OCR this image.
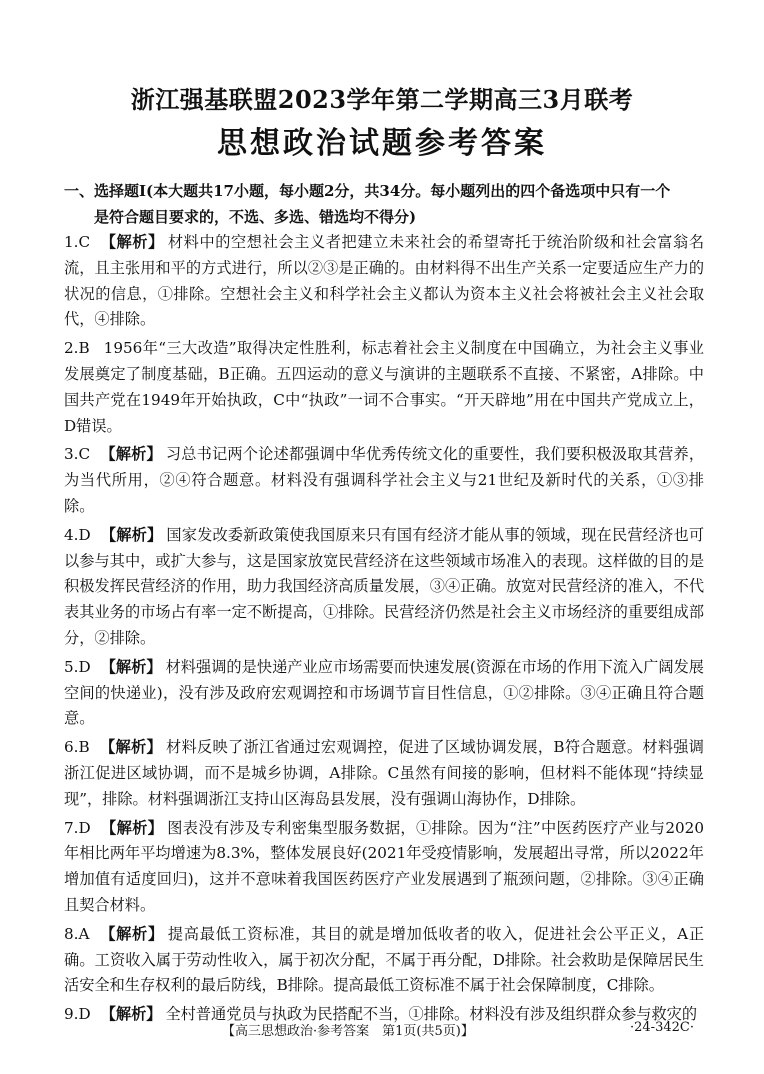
浙江强基联盟2023学年第二学期高三3月联考
思想政治试题参考答案
一、选择题Ⅰ(本大题共17小题，每小题2分，共34分。每小题列出的四个备选项中只有一个
是符合题目要求的，不选、多选、错选均不得分)
1.C 【解析】 材料中的空想社会主义者把建立未来社会的希望寄托于统治阶级和社会富翁名流，且主张用和平的方式进行，所以②③是正确的。由材料得不出生产关系一定要适应生产力的状况的信息，①排除。空想社会主义和科学社会主义都认为资本主义社会将被社会主义社会取代，④排除。
2.B 1956年“三大改造”取得决定性胜利，标志着社会主义制度在中国确立，为社会主义事业发展奠定了制度基础，B正确。五四运动的意义与演讲的主题联系不直接、不紧密，A排除。中国共产党在1949年开始执政，C中“执政”一词不合事实。“开天辟地”用在中国共产党成立上，D错误。
3.C 【解析】 习总书记两个论述都强调中华优秀传统文化的重要性，我们要积极汲取其营养，为当代所用，②④符合题意。材料没有强调科学社会主义与21世纪及新时代的关系，①③排除。
4.D 【解析】 国家发改委新政策使我国原来只有国有经济才能从事的领域，现在民营经济也可以参与其中，或扩大参与，这是国家放宽民营经济在这些领域市场准入的表现。这样做的目的是积极发挥民营经济的作用，助力我国经济高质量发展，③④正确。放宽对民营经济的准入，不代表其业务的市场占有率一定不断提高，①排除。民营经济仍然是社会主义市场经济的重要组成部分，②排除。
5.D 【解析】 材料强调的是快递产业应市场需要而快速发展(资源在市场的作用下流入广阔发展空间的快递业)，没有涉及政府宏观调控和市场调节盲目性信息，①②排除。③④正确且符合题意。
6.B 【解析】 材料反映了浙江省通过宏观调控，促进了区域协调发展，B符合题意。材料强调浙江促进区域协调，而不是城乡协调，A排除。C虽然有间接的影响，但材料不能体现“持续显现”，排除。材料强调浙江支持山区海岛县发展，没有强调山海协作，D排除。
7.D 【解析】 图表没有涉及专利密集型服务数据，①排除。因为“注”中医药医疗产业与2020年相比两年平均增速为8.3%，整体发展良好(2021年受疫情影响，发展超出寻常，所以2022年增加值有适度回归)，这并不意味着我国医药医疗产业发展遇到了瓶颈问题，②排除。③④正确且契合材料。
8.A 【解析】 提高最低工资标准，其目的就是增加低收者的收入，促进社会公平正义，A正确。工资收入属于劳动性收入，属于初次分配，不属于再分配，D排除。社会救助是保障居民生活安全和生存权利的最后防线，B排除。提高最低工资标准不属于社会保障制度，C排除。
9.D 【解析】 全村普通党员与执政为民搭配不当，①排除。材料没有涉及组织群众参与救灾的
【高三思想政治·参考答案　第1页(共5页)】	·24-342C·
